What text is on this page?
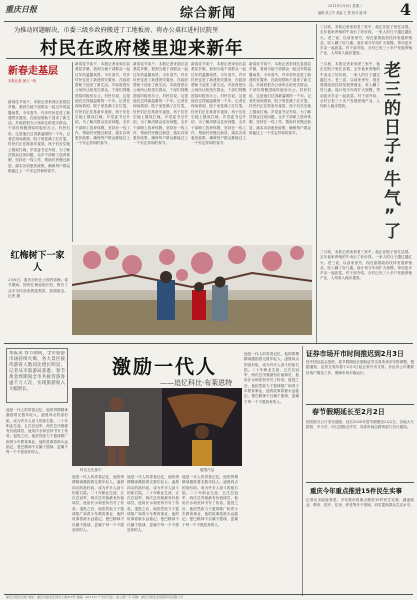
重庆日报	综合新闻	2011年2月8日 星期二
编辑 张立华 美编 王 慧 校对 潘 博 4
为推动问题解决，市委三级乡政府搬进了工地板房，将办公桌扛进村民院里
村民在政府楼里迎来新年
新春走基层
本报记者 深入一线
新春佳节前夕，本报记者来到区县基层乡镇，看到当地干部群众一起过年的温馨场景。今年春节，许多村民住进了新建的安置房，在政府帮助下迎来了新生活。乡政府把办公场所让给受灾群众，干部们则搬进临时板房办公。村民们说，这是他们过得最温暖的一个年。记者在现场看到，院子里挂满了红灯笼，村民们正在准备年夜饭，孩子们在空地上嬉戏打闹。乡党委书记介绍，为了解决群众住房问题，全乡干部职工放弃休假，坚持在一线工作，帮助村民搬迁新居，落实各项惠民政策，确保每户群众都能过上一个安定祥和的春节。
新春佳节前夕，本报记者来到区县基层乡镇，看到当地干部群众一起过年的温馨场景。今年春节，许多村民住进了新建的安置房，在政府帮助下迎来了新生活。乡政府把办公场所让给受灾群众，干部们则搬进临时板房办公。村民们说，这是他们过得最温暖的一个年。记者在现场看到，院子里挂满了红灯笼，村民们正在准备年夜饭，孩子们在空地上嬉戏打闹。乡党委书记介绍，为了解决群众住房问题，全乡干部职工放弃休假，坚持在一线工作，帮助村民搬迁新居，落实各项惠民政策，确保每户群众都能过上一个安定祥和的春节。
新春佳节前夕，本报记者来到区县基层乡镇，看到当地干部群众一起过年的温馨场景。今年春节，许多村民住进了新建的安置房，在政府帮助下迎来了新生活。乡政府把办公场所让给受灾群众，干部们则搬进临时板房办公。村民们说，这是他们过得最温暖的一个年。记者在现场看到，院子里挂满了红灯笼，村民们正在准备年夜饭，孩子们在空地上嬉戏打闹。乡党委书记介绍，为了解决群众住房问题，全乡干部职工放弃休假，坚持在一线工作，帮助村民搬迁新居，落实各项惠民政策，确保每户群众都能过上一个安定祥和的春节。
新春佳节前夕，本报记者来到区县基层乡镇，看到当地干部群众一起过年的温馨场景。今年春节，许多村民住进了新建的安置房，在政府帮助下迎来了新生活。乡政府把办公场所让给受灾群众，干部们则搬进临时板房办公。村民们说，这是他们过得最温暖的一个年。记者在现场看到，院子里挂满了红灯笼，村民们正在准备年夜饭，孩子们在空地上嬉戏打闹。乡党委书记介绍，为了解决群众住房问题，全乡干部职工放弃休假，坚持在一线工作，帮助村民搬迁新居，落实各项惠民政策，确保每户群众都能过上一个安定祥和的春节。
新春佳节前夕，本报记者来到区县基层乡镇，看到当地干部群众一起过年的温馨场景。今年春节，许多村民住进了新建的安置房，在政府帮助下迎来了新生活。乡政府把办公场所让给受灾群众，干部们则搬进临时板房办公。村民们说，这是他们过得最温暖的一个年。记者在现场看到，院子里挂满了红灯笼，村民们正在准备年夜饭，孩子们在空地上嬉戏打闹。乡党委书记介绍，为了解决群众住房问题，全乡干部职工放弃休假，坚持在一线工作，帮助村民搬迁新居，落实各项惠民政策，确保每户群众都能过上一个安定祥和的春节。
红梅树下一家人
2月6日，重庆市民在公园内赏梅。春节期间，园内红梅竞相开放，吸引了众多市民前来游览观赏，拍照留念。记者 摄
三月底，本报记者来到老三家中，他正在院子里忙活着。去年他家养殖的牛卖出了好价钱，一家人的日子越过越红火。老三说，以前家里穷，现在靠着政府扶持发展养殖业，收入翻了好几番。他计划今年再扩大规模，带动更多乡亲一起致富。村干部介绍，全村已有三十多户发展养殖产业，人均收入稳步提高。
老
三
的
日
子
“
牛
气
”
了
三月底，本报记者来到老三家中，他正在院子里忙活着。去年他家养殖的牛卖出了好价钱，一家人的日子越过越红火。老三说，以前家里穷，现在靠着政府扶持发展养殖业，收入翻了好几番。他计划今年再扩大规模，带动更多乡亲一起致富。村干部介绍，全村已有三十多户发展养殖产业，人均收入稳步提高。
三月底，本报记者来到老三家中，他正在院子里忙活着。去年他家养殖的牛卖出了好价钱，一家人的日子越过越红火。老三说，以前家里穷，现在靠着政府扶持发展养殖业，收入翻了好几番。他计划今年再扩大规模，带动更多乡亲一起致富。村干部介绍，全村已有三十多户发展养殖产业，人均收入稳步提高。
本报讯 春节期间，全市旅游市场持续火爆，各大景区接待游客人数同比增长明显。记者从市旅游局获悉，春节黄金周期间全市共接待游客逾千万人次，实现旅游收入大幅增长。
他是一代人的青春记忆，他的拼搏精神激励着无数年轻人。凌晨四点的洛杉矶，成为许多人奋斗的座右铭。二十年职业生涯，五次总冠军，两次总决赛最有价值球员，他用汗水和坚持书写了传奇。退役之后，他依然致力于篮球推广和青少年教育事业，他的故事将被永远铭记。曼巴精神不仅属于篮球，更属于每一个不愿放弃的人。
激励一代人
——追忆科比·布莱恩特
科比在比赛中	雕塑作品
他是一代人的青春记忆，他的拼搏精神激励着无数年轻人。凌晨四点的洛杉矶，成为许多人奋斗的座右铭。二十年职业生涯，五次总冠军，两次总决赛最有价值球员，他用汗水和坚持书写了传奇。退役之后，他依然致力于篮球推广和青少年教育事业，他的故事将被永远铭记。曼巴精神不仅属于篮球，更属于每一个不愿放弃的人。
他是一代人的青春记忆，他的拼搏精神激励着无数年轻人。凌晨四点的洛杉矶，成为许多人奋斗的座右铭。二十年职业生涯，五次总冠军，两次总决赛最有价值球员，他用汗水和坚持书写了传奇。退役之后，他依然致力于篮球推广和青少年教育事业，他的故事将被永远铭记。曼巴精神不仅属于篮球，更属于每一个不愿放弃的人。
他是一代人的青春记忆，他的拼搏精神激励着无数年轻人。凌晨四点的洛杉矶，成为许多人奋斗的座右铭。二十年职业生涯，五次总冠军，两次总决赛最有价值球员，他用汗水和坚持书写了传奇。退役之后，他依然致力于篮球推广和青少年教育事业，他的故事将被永远铭记。曼巴精神不仅属于篮球，更属于每一个不愿放弃的人。
他是一代人的青春记忆，他的拼搏精神激励着无数年轻人。凌晨四点的洛杉矶，成为许多人奋斗的座右铭。二十年职业生涯，五次总冠军，两次总决赛最有价值球员，他用汗水和坚持书写了传奇。退役之后，他依然致力于篮球推广和青少年教育事业，他的故事将被永远铭记。曼巴精神不仅属于篮球，更属于每一个不愿放弃的人。
证券市场开市时间推迟到2月3日
经中国证监会批准，春节假期延长期间证券交易所休市安排调整。根据通知，证券交易所将于2月3日起正常开市交易。各证券公司要做好客户服务工作，保障市场平稳运行。
春节假期延长至2月2日
国务院办公厅发布通知，延长2020年春节假期至2月2日，各地大专院校、中小学、幼儿园推迟开学，具体时间由教育部门另行通知。
重庆今年重点推进15件民生实事
记者从市政府获悉，今年我市将重点推进15件民生实事，涵盖就业、教育、医疗、住房、养老等多个领域，切实提高群众生活水平。
重庆日报社出版 地址：重庆市渝北区同茂大道416号 邮编：401147 广告许可证：渝工商广字 印刷：重庆日报报业集团印务有限公司
